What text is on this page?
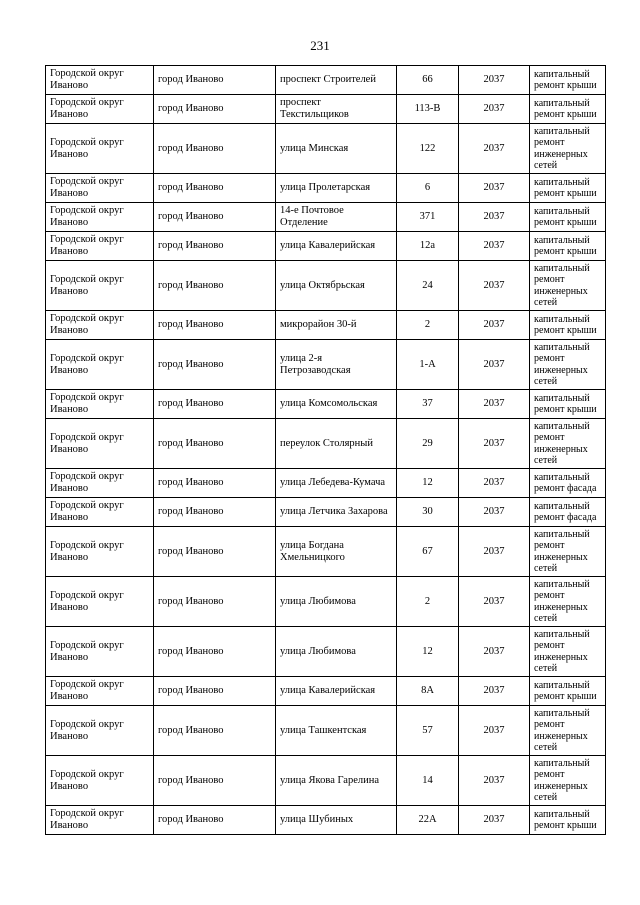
231
Городской округ Иваново	город Иваново	проспект Строителей	66	2037	капитальный ремонт крыши
Городской округ Иваново	город Иваново	проспект Текстильщиков	113-В	2037	капитальный ремонт крыши
Городской округ Иваново	город Иваново	улица Минская	122	2037	капитальный ремонт инженерных сетей
Городской округ Иваново	город Иваново	улица Пролетарская	6	2037	капитальный ремонт крыши
Городской округ Иваново	город Иваново	14-е Почтовое Отделение	371	2037	капитальный ремонт крыши
Городской округ Иваново	город Иваново	улица Кавалерийская	12а	2037	капитальный ремонт крыши
Городской округ Иваново	город Иваново	улица Октябрьская	24	2037	капитальный ремонт инженерных сетей
Городской округ Иваново	город Иваново	микрорайон 30-й	2	2037	капитальный ремонт крыши
Городской округ Иваново	город Иваново	улица 2-я Петрозаводская	1-А	2037	капитальный ремонт инженерных сетей
Городской округ Иваново	город Иваново	улица Комсомольская	37	2037	капитальный ремонт крыши
Городской округ Иваново	город Иваново	переулок Столярный	29	2037	капитальный ремонт инженерных сетей
Городской округ Иваново	город Иваново	улица Лебедева-Кумача	12	2037	капитальный ремонт фасада
Городской округ Иваново	город Иваново	улица Летчика Захарова	30	2037	капитальный ремонт фасада
Городской округ Иваново	город Иваново	улица Богдана Хмельницкого	67	2037	капитальный ремонт инженерных сетей
Городской округ Иваново	город Иваново	улица Любимова	2	2037	капитальный ремонт инженерных сетей
Городской округ Иваново	город Иваново	улица Любимова	12	2037	капитальный ремонт инженерных сетей
Городской округ Иваново	город Иваново	улица Кавалерийская	8А	2037	капитальный ремонт крыши
Городской округ Иваново	город Иваново	улица Ташкентская	57	2037	капитальный ремонт инженерных сетей
Городской округ Иваново	город Иваново	улица Якова Гарелина	14	2037	капитальный ремонт инженерных сетей
Городской округ Иваново	город Иваново	улица Шубиных	22А	2037	капитальный ремонт крыши
